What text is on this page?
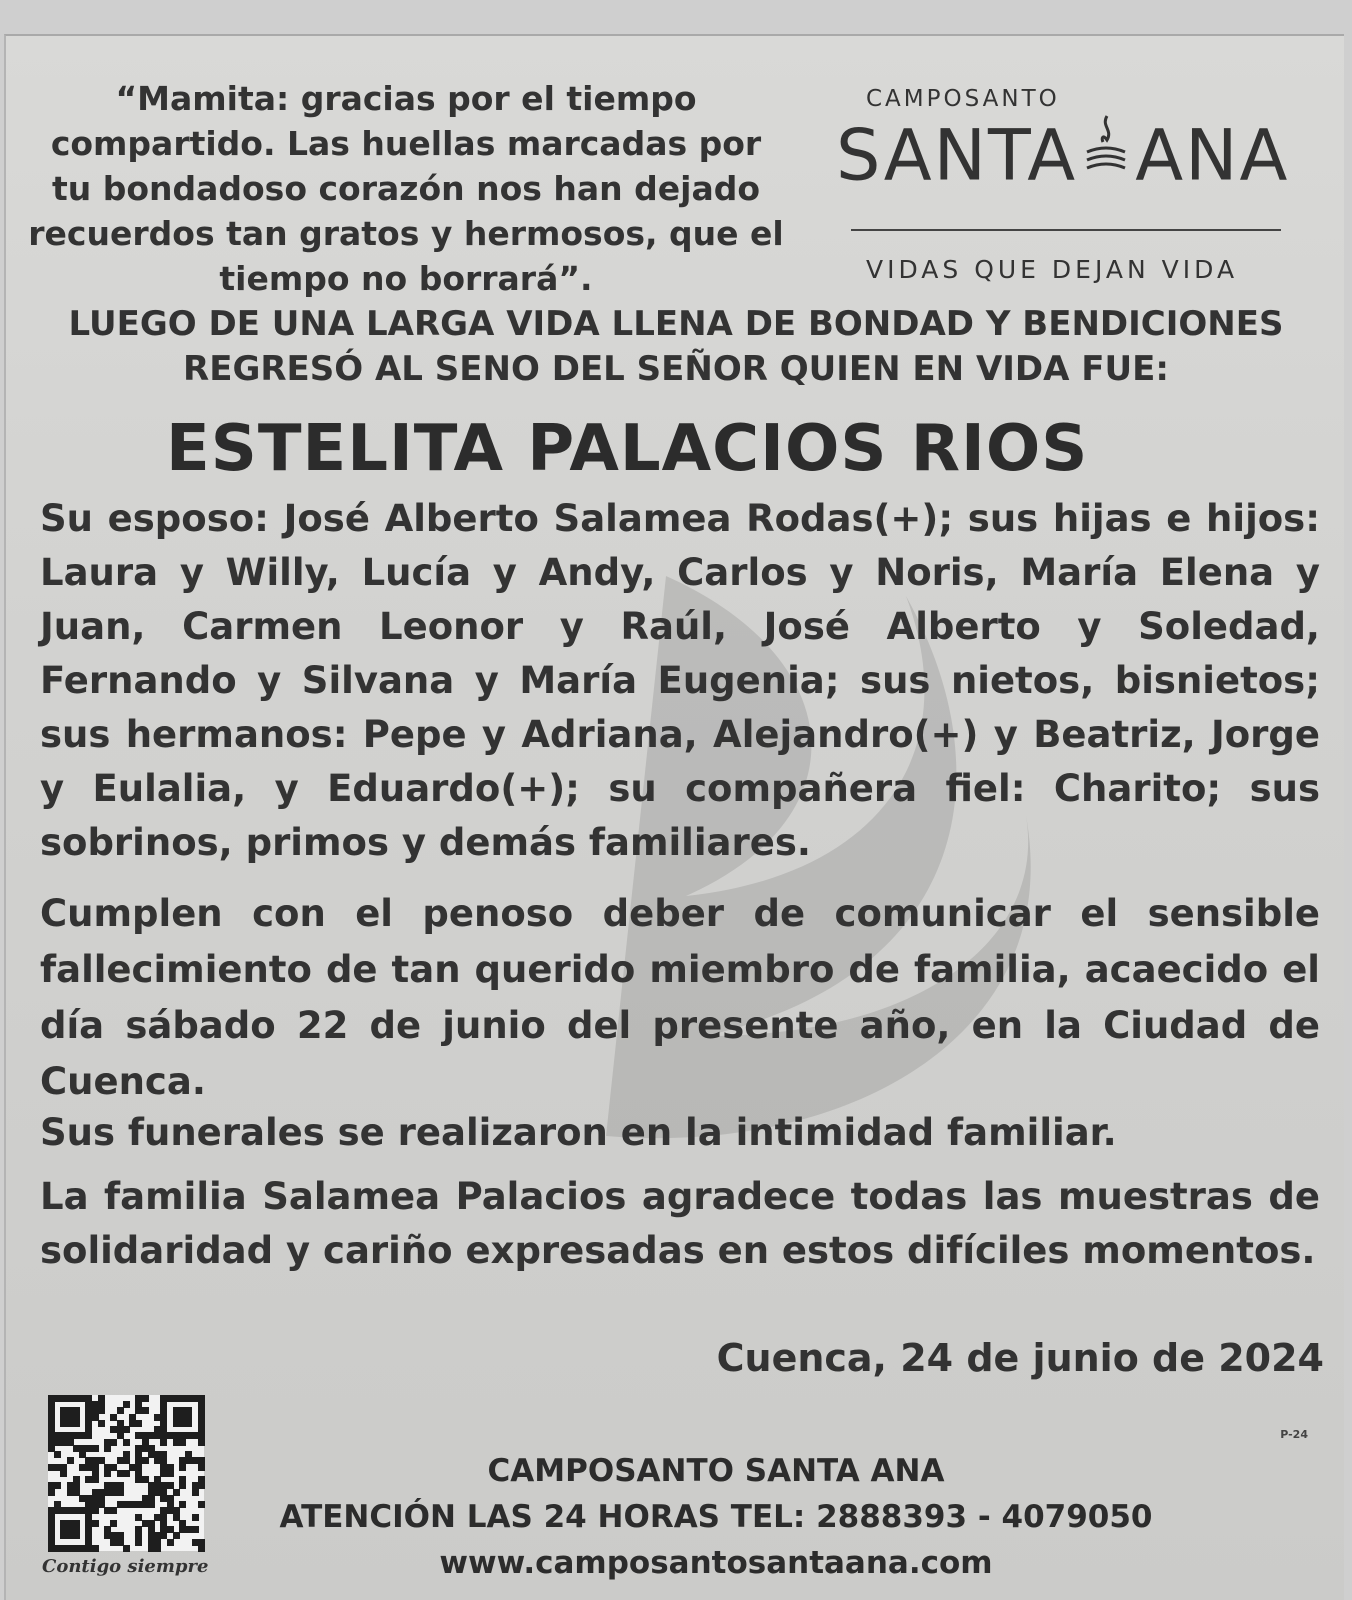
“Mamita: gracias por el tiempo
compartido. Las huellas marcadas por
tu bondadoso corazón nos han dejado
recuerdos tan gratos y hermosos, que el
tiempo no borrará”.
CAMPOSANTO
SANTA ANA
VIDAS QUE DEJAN VIDA
LUEGO DE UNA LARGA VIDA LLENA DE BONDAD Y BENDICIONES
REGRESÓ AL SENO DEL SEÑOR QUIEN EN VIDA FUE:
ESTELITA PALACIOS RIOS
Su esposo: José Alberto Salamea Rodas(+); sus hijas e hijos: Laura y Willy, Lucía y Andy, Carlos y Noris, María Elena y Juan, Carmen Leonor y Raúl, José Alberto y Soledad, Fernando y Silvana y María Eugenia; sus nietos, bisnietos; sus hermanos: Pepe y Adriana, Alejandro(+) y Beatriz, Jorge y Eulalia, y Eduardo(+); su compañera fiel: Charito; sus sobrinos, primos y demás familiares.
Cumplen con el penoso deber de comunicar el sensible fallecimiento de tan querido miembro de familia, acaecido el día sábado 22 de junio del presente año, en la Ciudad de Cuenca.
Sus funerales se realizaron en la intimidad familiar.
La familia Salamea Palacios agradece todas las muestras de solidaridad y cariño expresadas en estos difíciles momentos.
Cuenca, 24 de junio de 2024
P-24
CAMPOSANTO SANTA ANA
ATENCIÓN LAS 24 HORAS TEL: 2888393 - 4079050
www.camposantosantaana.com
Contigo siempre
